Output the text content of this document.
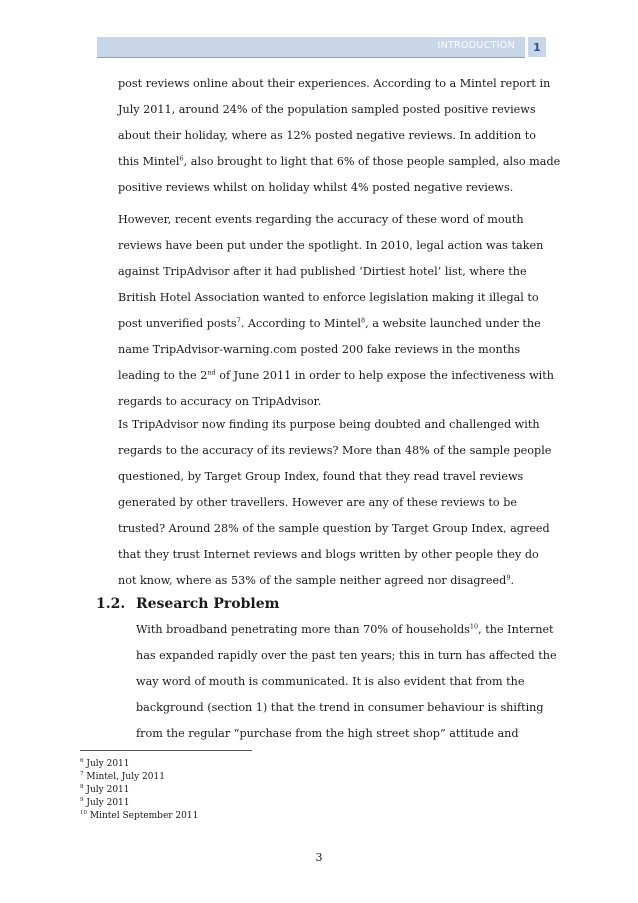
INTRODUCTION	1
post reviews online about their experiences. According to a Mintel report in
July 2011, around 24% of the population sampled posted positive reviews
about their holiday, where as 12% posted negative reviews. In addition to
this Mintel$^6$, also brought to light that 6% of those people sampled, also made
positive reviews whilst on holiday whilst 4% posted negative reviews.
However, recent events regarding the accuracy of these word of mouth
reviews have been put under the spotlight. In 2010, legal action was taken
against TripAdvisor after it had published ‘Dirtiest hotel’ list, where the
British Hotel Association wanted to enforce legislation making it illegal to
post unverified posts$^7$. According to Mintel$^8$, a website launched under the
name TripAdvisor-warning.com posted 200 fake reviews in the months
leading to the 2nd of June 2011 in order to help expose the infectiveness with
regards to accuracy on TripAdvisor.
Is TripAdvisor now finding its purpose being doubted and challenged with
regards to the accuracy of its reviews? More than 48% of the sample people
questioned, by Target Group Index, found that they read travel reviews
generated by other travellers. However are any of these reviews to be
trusted? Around 28% of the sample question by Target Group Index, agreed
that they trust Internet reviews and blogs written by other people they do
not know, where as 53% of the sample neither agreed nor disagreed$^9$.
1.2. Research Problem
With broadband penetrating more than 70% of households$^{10}$, the Internet
has expanded rapidly over the past ten years; this in turn has affected the
way word of mouth is communicated. It is also evident that from the
background (section 1) that the trend in consumer behaviour is shifting
from the regular “purchase from the high street shop” attitude and
$^6$ July 2011
$^7$ Mintel, July 2011
$^8$ July 2011
$^9$ July 2011
$^{10}$ Mintel September 2011
3
